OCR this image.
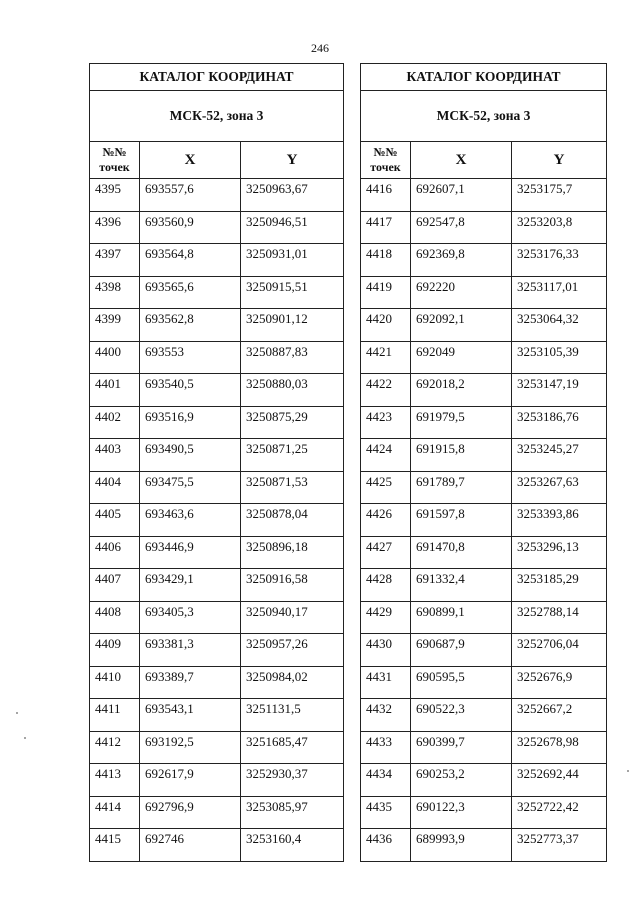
246
КАТАЛОГ КООРДИНАТ		
МСК-52, зона 3		
№№
точек	X	Y
4395	693557,6	3250963,67
4396	693560,9	3250946,51
4397	693564,8	3250931,01
4398	693565,6	3250915,51
4399	693562,8	3250901,12
4400	693553	3250887,83
4401	693540,5	3250880,03
4402	693516,9	3250875,29
4403	693490,5	3250871,25
4404	693475,5	3250871,53
4405	693463,6	3250878,04
4406	693446,9	3250896,18
4407	693429,1	3250916,58
4408	693405,3	3250940,17
4409	693381,3	3250957,26
4410	693389,7	3250984,02
4411	693543,1	3251131,5
4412	693192,5	3251685,47
4413	692617,9	3252930,37
4414	692796,9	3253085,97
4415	692746	3253160,4
КАТАЛОГ КООРДИНАТ		
МСК-52, зона 3		
№№
точек	X	Y
4416	692607,1	3253175,7
4417	692547,8	3253203,8
4418	692369,8	3253176,33
4419	692220	3253117,01
4420	692092,1	3253064,32
4421	692049	3253105,39
4422	692018,2	3253147,19
4423	691979,5	3253186,76
4424	691915,8	3253245,27
4425	691789,7	3253267,63
4426	691597,8	3253393,86
4427	691470,8	3253296,13
4428	691332,4	3253185,29
4429	690899,1	3252788,14
4430	690687,9	3252706,04
4431	690595,5	3252676,9
4432	690522,3	3252667,2
4433	690399,7	3252678,98
4434	690253,2	3252692,44
4435	690122,3	3252722,42
4436	689993,9	3252773,37
